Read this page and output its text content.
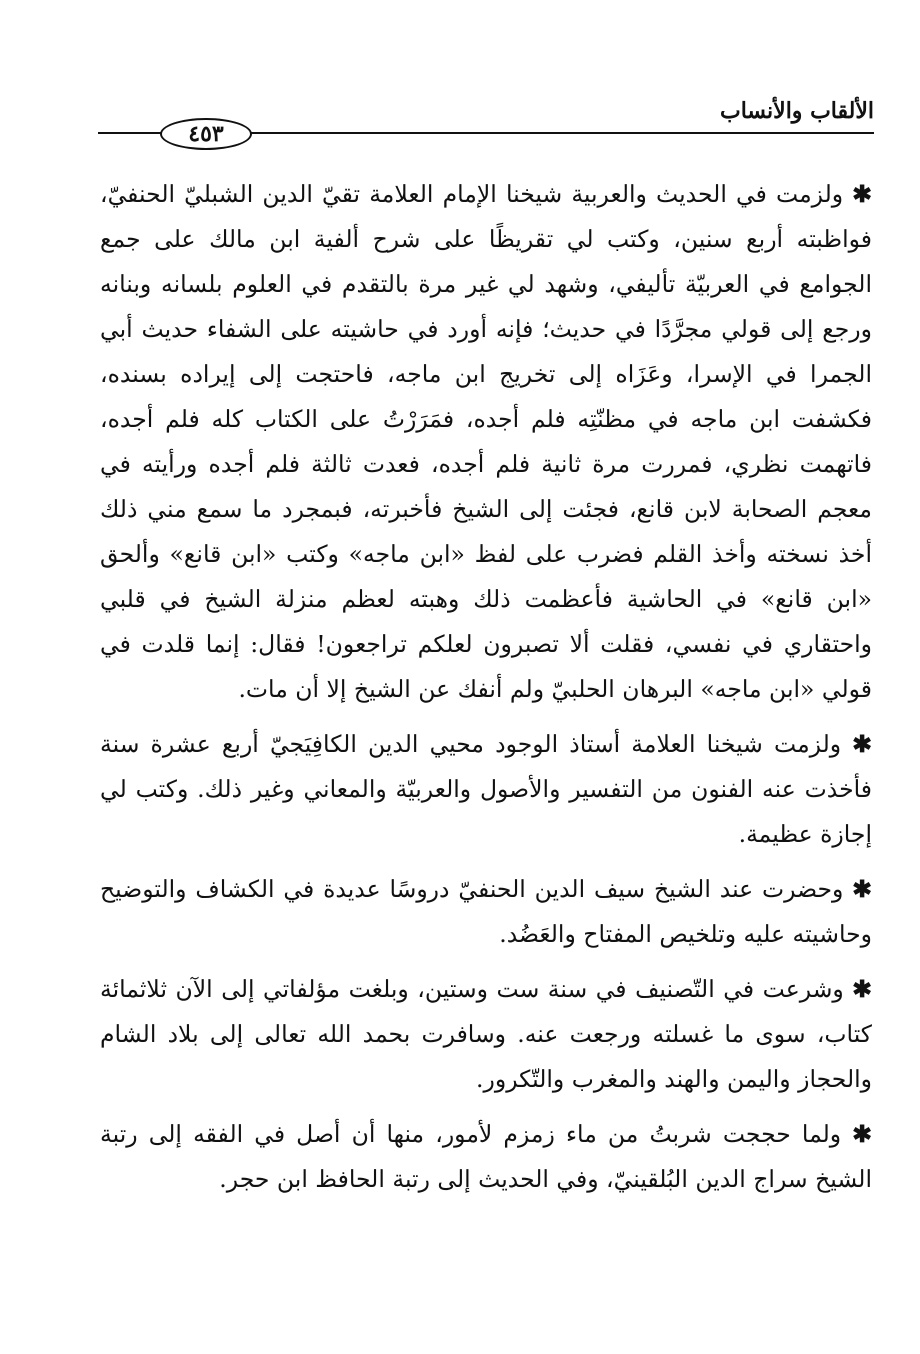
الألقاب والأنساب
٤٥٣

✱ ولزمت في الحديث والعربية شيخنا الإمام العلامة تقيّ الدين الشبليّ الحنفيّ، فواظبته أربع سنين، وكتب لي تقريظًا على شرح ألفية ابن مالك على جمع الجوامع في العربيّة تأليفي، وشهد لي غير مرة بالتقدم في العلوم بلسانه وبنانه ورجع إلى قولي مجرَّدًا في حديث؛ فإنه أورد في حاشيته على الشفاء حديث أبي الجمرا في الإسرا، وعَزَاه إلى تخريج ابن ماجه، فاحتجت إلى إيراده بسنده، فكشفت ابن ماجه في مظنّتِه فلم أجده، فمَرَرْتُ على الكتاب كله فلم أجده، فاتهمت نظري، فمررت مرة ثانية فلم أجده، فعدت ثالثة فلم أجده ورأيته في معجم الصحابة لابن قانع، فجئت إلى الشيخ فأخبرته، فبمجرد ما سمع مني ذلك أخذ نسخته وأخذ القلم فضرب على لفظ «ابن ماجه» وكتب «ابن قانع» وألحق «ابن قانع» في الحاشية فأعظمت ذلك وهبته لعظم منزلة الشيخ في قلبي واحتقاري في نفسي، فقلت ألا تصبرون لعلكم تراجعون! فقال: إنما قلدت في قولي «ابن ماجه» البرهان الحلبيّ ولم أنفك عن الشيخ إلا أن مات.

✱ ولزمت شيخنا العلامة أستاذ الوجود محيي الدين الكافِيَجيّ أربع عشرة سنة فأخذت عنه الفنون من التفسير والأصول والعربيّة والمعاني وغير ذلك. وكتب لي إجازة عظيمة.

✱ وحضرت عند الشيخ سيف الدين الحنفيّ دروسًا عديدة في الكشاف والتوضيح وحاشيته عليه وتلخيص المفتاح والعَضُد.

✱ وشرعت في التّصنيف في سنة ست وستين، وبلغت مؤلفاتي إلى الآن ثلاثمائة كتاب، سوى ما غسلته ورجعت عنه. وسافرت بحمد الله تعالى إلى بلاد الشام والحجاز واليمن والهند والمغرب والتّكرور.

✱ ولما حججت شربتُ من ماء زمزم لأمور، منها أن أصل في الفقه إلى رتبة الشيخ سراج الدين البُلقينيّ، وفي الحديث إلى رتبة الحافظ ابن حجر.
